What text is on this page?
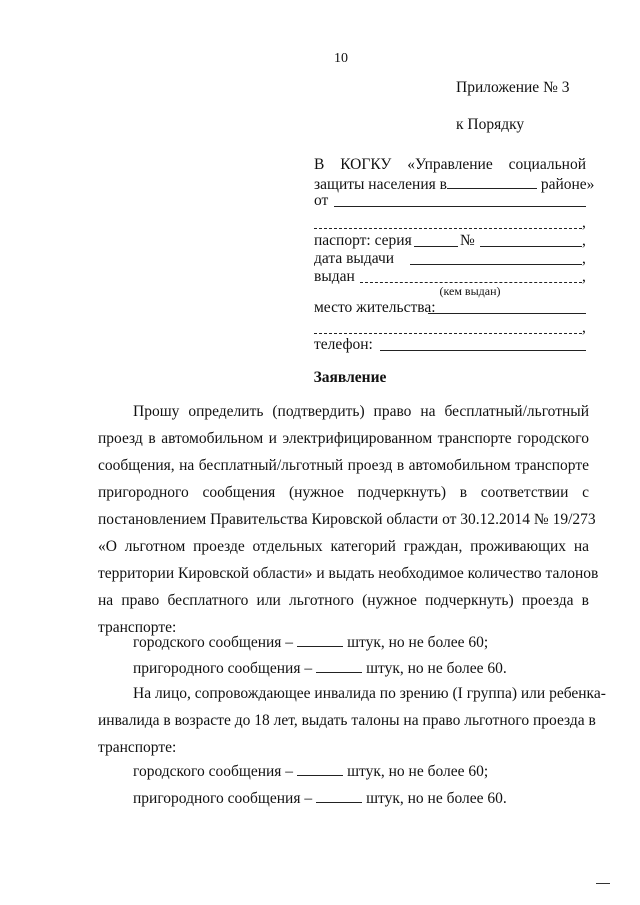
10
Приложение № 3
к Порядку
В КОГКУ «Управление социальной
защиты населения в	районе»
от
,
паспорт: серия	№	,
дата выдачи	,
выдан	,
(кем выдан)
место жительства:
,
телефон:
Заявление
Прошу определить (подтвердить) право на бесплатный/льготный
проезд в автомобильном и электрифицированном транспорте городского
сообщения, на бесплатный/льготный проезд в автомобильном транспорте
пригородного сообщения (нужное подчеркнуть) в соответствии с
постановлением Правительства Кировской области от 30.12.2014 № 19/273
«О льготном проезде отдельных категорий граждан, проживающих на
территории Кировской области» и выдать необходимое количество талонов
на право бесплатного или льготного (нужное подчеркнуть) проезда в
транспорте:
городского сообщения –	штук, но не более 60;
пригородного сообщения –	штук, но не более 60.
На лицо, сопровождающее инвалида по зрению (I группа) или ребенка-
инвалида в возрасте до 18 лет, выдать талоны на право льготного проезда в
транспорте:
городского сообщения –	штук, но не более 60;
пригородного сообщения –	штук, но не более 60.
